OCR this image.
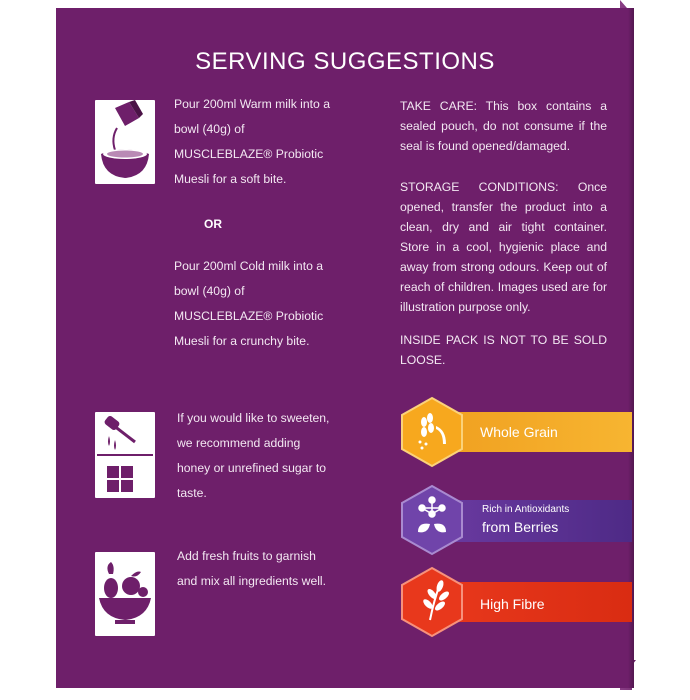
SERVING SUGGESTIONS
Pour 200ml Warm milk into a
bowl (40g) of
MUSCLEBLAZE® Probiotic
Muesli for a soft bite.
OR
Pour 200ml Cold milk into a
bowl (40g) of
MUSCLEBLAZE® Probiotic
Muesli for a crunchy bite.
If you would like to sweeten,
we recommend adding
honey or unrefined sugar to
taste.
Add fresh fruits to garnish
and mix all ingredients well.
TAKE CARE: This box contains a sealed pouch, do not consume if the seal is found opened/damaged.
STORAGE CONDITIONS: Once opened, transfer the product into a clean, dry and air tight container. Store in a cool, hygienic place and away from strong odours. Keep out of reach of children. Images used are for illustration purpose only.
INSIDE PACK IS NOT TO BE SOLD LOOSE.
Whole Grain
Rich in Antioxidants
from Berries
High Fibre
